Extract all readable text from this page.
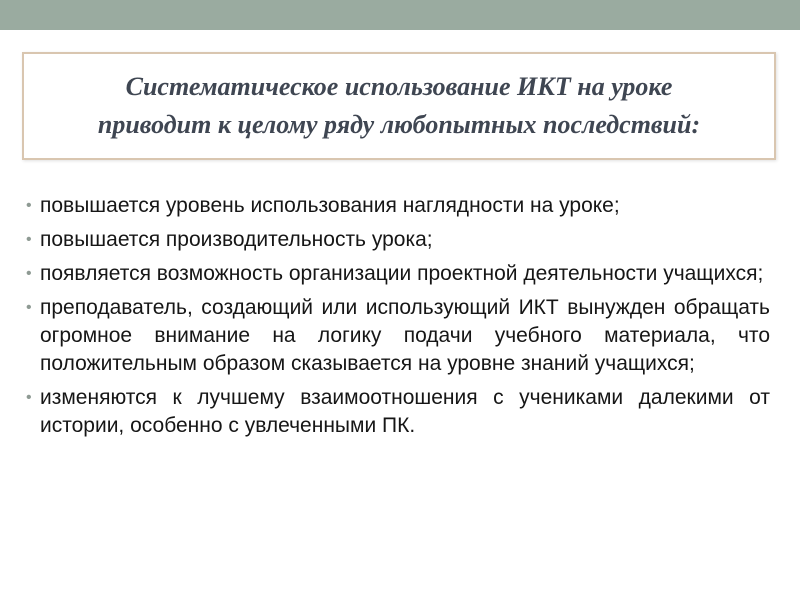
Систематическое использование ИКТ на уроке
приводит к целому ряду любопытных последствий:
• повышается уровень использования наглядности на уроке;
• повышается производительность урока;
• появляется возможность организации проектной деятельности учащихся;
• преподаватель, создающий или использующий ИКТ вынужден обращать огромное внимание на логику подачи учебного материала, что положительным образом сказывается на уровне знаний учащихся;
• изменяются к лучшему взаимоотношения с учениками далекими от истории, особенно с увлеченными ПК.
